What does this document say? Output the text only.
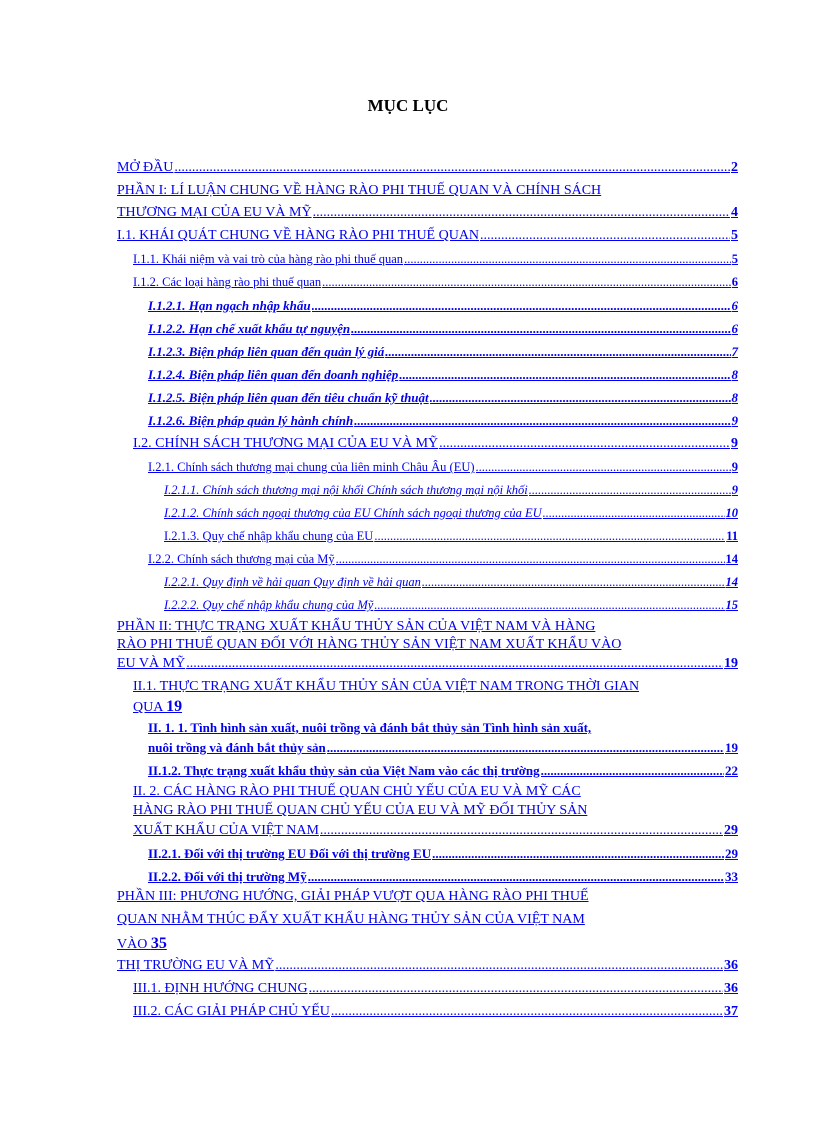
MỤC LỤC
MỞ ĐẦU .....	2
PHẦN I: LÍ LUẬN CHUNG VỀ HÀNG RÀO PHI THUẾ QUAN VÀ CHÍNH SÁCH
THƯƠNG MẠI CỦA EU VÀ MỸ .....	4
I.1. KHÁI QUÁT CHUNG VỀ HÀNG RÀO PHI THUẾ QUAN .....	5
I.1.1. Khái niệm và vai trò của hàng rào phi thuế quan .....	5
I.1.2. Các loại hàng rào phi thuế quan .....	6
I.1.2.1. Hạn ngạch nhập khẩu .....	6
I.1.2.2. Hạn chế xuất khẩu tự nguyện .....	6
I.1.2.3. Biện pháp liên quan đến quản lý giá .....	7
I.1.2.4. Biện pháp liên quan đến doanh nghiệp .....	8
I.1.2.5. Biện pháp liên quan đến tiêu chuẩn kỹ thuật .....	8
I.1.2.6. Biện pháp quản lý hành chính .....	9
I.2. CHÍNH SÁCH THƯƠNG MẠI CỦA EU VÀ MỸ .....	9
I.2.1. Chính sách thương mại chung của liên minh Châu Âu (EU) .....	9
I.2.1.1. Chính sách thương mại nội khối Chính sách thương mại nội khối .....	9
I.2.1.2. Chính sách ngoại thương của EU Chính sách ngoại thương của EU .....	10
I.2.1.3. Quy chế nhập khẩu chung của EU .....	11
I.2.2. Chính sách thương mại của Mỹ .....	14
I.2.2.1. Quy định về hải quan Quy định về hải quan .....	14
I.2.2.2. Quy chế nhập khẩu chung của Mỹ .....	15
PHẦN II: THỰC TRẠNG XUẤT KHẨU THỦY SẢN CỦA VIỆT NAM VÀ HÀNG
RÀO PHI THUẾ QUAN ĐỐI VỚI HÀNG THỦY SẢN VIỆT NAM XUẤT KHẨU VÀO
EU VÀ MỸ .....	19
II.1. THỰC TRẠNG XUẤT KHẨU THỦY SẢN CỦA VIỆT NAM TRONG THỜI GIAN
QUA 19
II. 1. 1. Tình hình sản xuất, nuôi trồng và đánh bắt thủy sản Tình hình sản xuất,
nuôi trồng và đánh bắt thủy sản .....	19
II.1.2. Thực trạng xuất khẩu thủy sản của Việt Nam vào các thị trường .....	22
II. 2. CÁC HÀNG RÀO PHI THUẾ QUAN CHỦ YẾU CỦA EU VÀ MỸ CÁC
HÀNG RÀO PHI THUẾ QUAN CHỦ YẾU CỦA EU VÀ MỸ ĐỐI THỦY SẢN
XUẤT KHẨU CỦA VIỆT NAM .....	29
II.2.1. Đối với thị trường EU Đối với thị trường EU .....	29
II.2.2. Đối với thị trường Mỹ .....	33
PHẦN III: PHƯƠNG HƯỚNG, GIẢI PHÁP VƯỢT QUA HÀNG RÀO PHI THUẾ
QUAN NHẰM THÚC ĐẨY XUẤT KHẨU HÀNG THỦY SẢN CỦA VIỆT NAM
VÀO 35
THỊ TRƯỜNG EU VÀ MỸ .....	36
III.1. ĐỊNH HƯỚNG CHUNG .....	36
III.2. CÁC GIẢI PHÁP CHỦ YẾU .....	37
